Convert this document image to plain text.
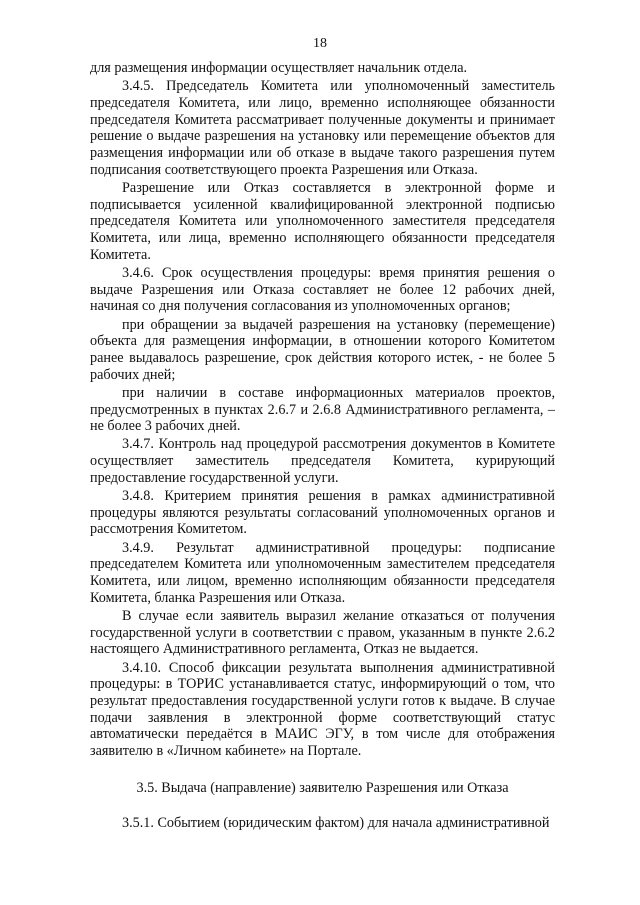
18

для размещения информации осуществляет начальник отдела.

3.4.5. Председатель Комитета или уполномоченный заместитель председателя Комитета, или лицо, временно исполняющее обязанности председателя Комитета рассматривает полученные документы и принимает решение о выдаче разрешения на установку или перемещение объектов для размещения информации или об отказе в выдаче такого разрешения путем подписания соответствующего проекта Разрешения или Отказа.

Разрешение или Отказ составляется в электронной форме и подписывается усиленной квалифицированной электронной подписью председателя Комитета или уполномоченного заместителя председателя Комитета, или лица, временно исполняющего обязанности председателя Комитета.

3.4.6. Срок осуществления процедуры: время принятия решения о выдаче Разрешения или Отказа составляет не более 12 рабочих дней, начиная со дня получения согласования из уполномоченных органов;

при обращении за выдачей разрешения на установку (перемещение) объекта для размещения информации, в отношении которого Комитетом ранее выдавалось разрешение, срок действия которого истек, - не более 5 рабочих дней;

при наличии в составе информационных материалов проектов, предусмотренных в пунктах 2.6.7 и 2.6.8 Административного регламента, – не более 3 рабочих дней.

3.4.7. Контроль над процедурой рассмотрения документов в Комитете осуществляет заместитель председателя Комитета, курирующий предоставление государственной услуги.

3.4.8. Критерием принятия решения в рамках административной процедуры являются результаты согласований уполномоченных органов и рассмотрения Комитетом.

3.4.9. Результат административной процедуры: подписание председателем Комитета или уполномоченным заместителем председателя Комитета, или лицом, временно исполняющим обязанности председателя Комитета, бланка Разрешения или Отказа.

В случае если заявитель выразил желание отказаться от получения государственной услуги в соответствии с правом, указанным в пункте 2.6.2 настоящего Административного регламента, Отказ не выдается.

3.4.10. Способ фиксации результата выполнения административной процедуры: в ТОРИС устанавливается статус, информирующий о том, что результат предоставления государственной услуги готов к выдаче. В случае подачи заявления в электронной форме соответствующий статус автоматически передаётся в МАИС ЭГУ, в том числе для отображения заявителю в «Личном кабинете» на Портале.

3.5. Выдача (направление) заявителю Разрешения или Отказа

3.5.1. Событием (юридическим фактом) для начала административной
